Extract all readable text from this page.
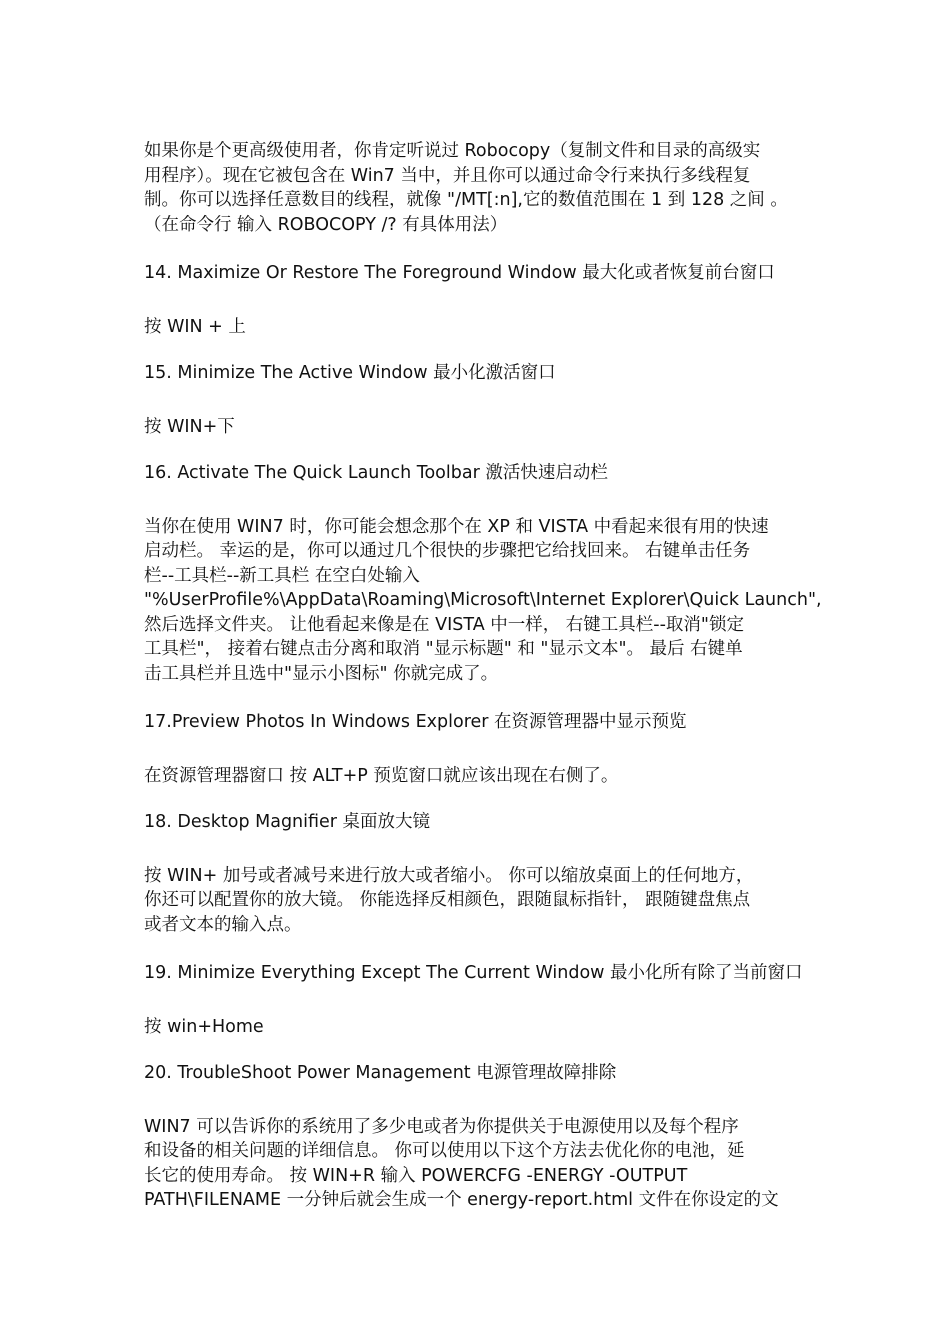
如果你是个更高级使用者，你肯定听说过 Robocopy（复制文件和目录的高级实
用程序）。现在它被包含在 Win7 当中，并且你可以通过命令行来执行多线程复
制。你可以选择任意数目的线程，就像 "/MT[:n],它的数值范围在 1 到 128 之间 。
（在命令行 输入 ROBOCOPY /? 有具体用法）

14. Maximize Or Restore The Foreground Window 最大化或者恢复前台窗口

按 WIN + 上

15. Minimize The Active Window 最小化激活窗口

按 WIN+下

16. Activate The Quick Launch Toolbar 激活快速启动栏

当你在使用 WIN7 时，你可能会想念那个在 XP 和 VISTA 中看起来很有用的快速
启动栏。 幸运的是，你可以通过几个很快的步骤把它给找回来。 右键单击任务
栏--工具栏--新工具栏 在空白处输入
"%UserProfile%\AppData\Roaming\Microsoft\Internet Explorer\Quick Launch",
然后选择文件夹。 让他看起来像是在 VISTA 中一样， 右键工具栏--取消"锁定
工具栏"， 接着右键点击分离和取消 "显示标题" 和 "显示文本"。 最后 右键单
击工具栏并且选中"显示小图标" 你就完成了。

17.Preview Photos In Windows Explorer 在资源管理器中显示预览

在资源管理器窗口 按 ALT+P 预览窗口就应该出现在右侧了。

18. Desktop Magnifier 桌面放大镜

按 WIN+ 加号或者减号来进行放大或者缩小。 你可以缩放桌面上的任何地方，
你还可以配置你的放大镜。 你能选择反相颜色，跟随鼠标指针， 跟随键盘焦点
或者文本的输入点。

19. Minimize Everything Except The Current Window 最小化所有除了当前窗口

按 win+Home

20. TroubleShoot Power Management 电源管理故障排除

WIN7 可以告诉你的系统用了多少电或者为你提供关于电源使用以及每个程序
和设备的相关问题的详细信息。 你可以使用以下这个方法去优化你的电池，延
长它的使用寿命。 按 WIN+R 输入 POWERCFG -ENERGY -OUTPUT
PATH\FILENAME 一分钟后就会生成一个 energy-report.html 文件在你设定的文
